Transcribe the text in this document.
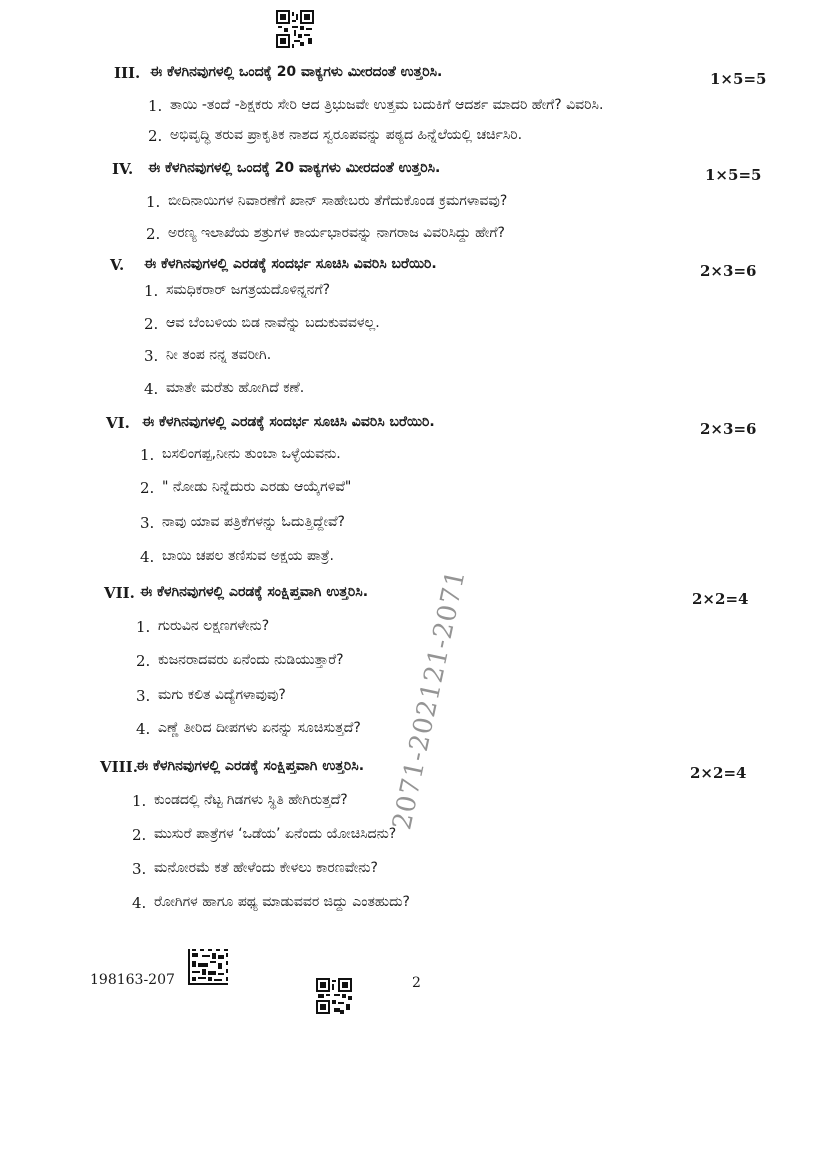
III. ಈ ಕೆಳಗಿನವುಗಳಲ್ಲಿ ಒಂದಕ್ಕೆ 20 ವಾಕ್ಯಗಳು ಮೀರದಂತೆ ಉತ್ತರಿಸಿ.	1×5=5
1. ತಾಯಿ -ತಂದೆ -ಶಿಕ್ಷಕರು ಸೇರಿ ಆದ ತ್ರಿಭುಜವೇ ಉತ್ತಮ ಬದುಕಿಗೆ ಆದರ್ಶ ಮಾದರಿ ಹೇಗೆ? ವಿವರಿಸಿ.
2. ಅಭಿವೃದ್ಧಿ ತರುವ ಪ್ರಾಕೃತಿಕ ನಾಶದ ಸ್ವರೂಪವನ್ನು ಪಠ್ಯದ ಹಿನ್ನೆಲೆಯಲ್ಲಿ ಚರ್ಚಿಸಿರಿ.
IV. ಈ ಕೆಳಗಿನವುಗಳಲ್ಲಿ ಒಂದಕ್ಕೆ 20 ವಾಕ್ಯಗಳು ಮೀರದಂತೆ ಉತ್ತರಿಸಿ.	1×5=5
1. ಬೀದಿನಾಯಿಗಳ ನಿವಾರಣೆಗೆ ಖಾನ್ ಸಾಹೇಬರು ತೆಗೆದುಕೊಂಡ ಕ್ರಮಗಳಾವವು?
2. ಅರಣ್ಯ ಇಲಾಖೆಯ ಶತ್ರುಗಳ ಕಾರ್ಯಭಾರವನ್ನು ನಾಗರಾಜ ವಿವರಿಸಿದ್ದು ಹೇಗೆ?
V. ಈ ಕೆಳಗಿನವುಗಳಲ್ಲಿ ಎರಡಕ್ಕೆ ಸಂದರ್ಭ ಸೂಚಿಸಿ ವಿವರಿಸಿ ಬರೆಯಿರಿ.	2×3=6
1. ಸಮಧಿಕರಾರ್ ಜಗತ್ರಯದೊಳಿನ್ನನಗೆ?
2. ಆವ ಬೆಂಬಳಿಯ ಬಿಡ ನಾವೆನ್ನು ಬದುಕುವವಳಲ್ಲ.
3. ನೀ ತಂಪ ನನ್ನ ತವರೀಗಿ.
4. ಮಾತೇ ಮರೆತು ಹೋಗಿದೆ ಕಣೆ.
VI. ಈ ಕೆಳಗಿನವುಗಳಲ್ಲಿ ಎರಡಕ್ಕೆ ಸಂದರ್ಭ ಸೂಚಿಸಿ ವಿವರಿಸಿ ಬರೆಯಿರಿ.	2×3=6
1. ಬಸಲಿಂಗಪ್ಪ,ನೀನು ತುಂಬಾ ಒಳ್ಳೆಯವನು.
2. " ನೋಡು ನಿನ್ನೆದುರು ಎರಡು ಆಯ್ಕೆಗಳಿವೆ"
3. ನಾವು ಯಾವ ಪತ್ರಿಕೆಗಳನ್ನು ಓದುತ್ತಿದ್ದೇವೆ?
4. ಬಾಯಿ ಚಪಲ ತಣಿಸುವ ಅಕ್ಷಯ ಪಾತ್ರೆ.
VII. ಈ ಕೆಳಗಿನವುಗಳಲ್ಲಿ ಎರಡಕ್ಕೆ ಸಂಕ್ಷಿಪ್ತವಾಗಿ ಉತ್ತರಿಸಿ.	2×2=4
1. ಗುರುವಿನ ಲಕ್ಷಣಗಳೇನು?
2. ಕುಜನರಾದವರು ಏನೆಂದು ನುಡಿಯುತ್ತಾರೆ?
3. ಮಗು ಕಲಿತ ವಿದ್ಯೆಗಳಾವುವು?
4. ಎಣ್ಣೆ ತೀರಿದ ದೀಪಗಳು ಏನನ್ನು ಸೂಚಿಸುತ್ತದೆ?
VIII.
ಈ ಕೆಳಗಿನವುಗಳಲ್ಲಿ ಎರಡಕ್ಕೆ ಸಂಕ್ಷಿಪ್ತವಾಗಿ ಉತ್ತರಿಸಿ.	2×2=4
1. ಕುಂಡದಲ್ಲಿ ನೆಟ್ಟ ಗಿಡಗಳು ಸ್ಥಿತಿ ಹೇಗಿರುತ್ತದೆ?
2. ಮುಸುರೆ ಪಾತ್ರೆಗಳ ‘ಒಡೆಯ’ ಏನೆಂದು ಯೋಚಿಸಿದನು?
3. ಮನೋರಮೆ ಕತೆ ಹೇಳೆಂದು ಕೇಳಲು ಕಾರಣವೇನು?
4. ರೋಗಿಗಳ ಹಾಗೂ ಪಥ್ಯ ಮಾಡುವವರ ಜಿದ್ದು ಎಂತಹುದು?
2071-202121-2071
198163-207	2
